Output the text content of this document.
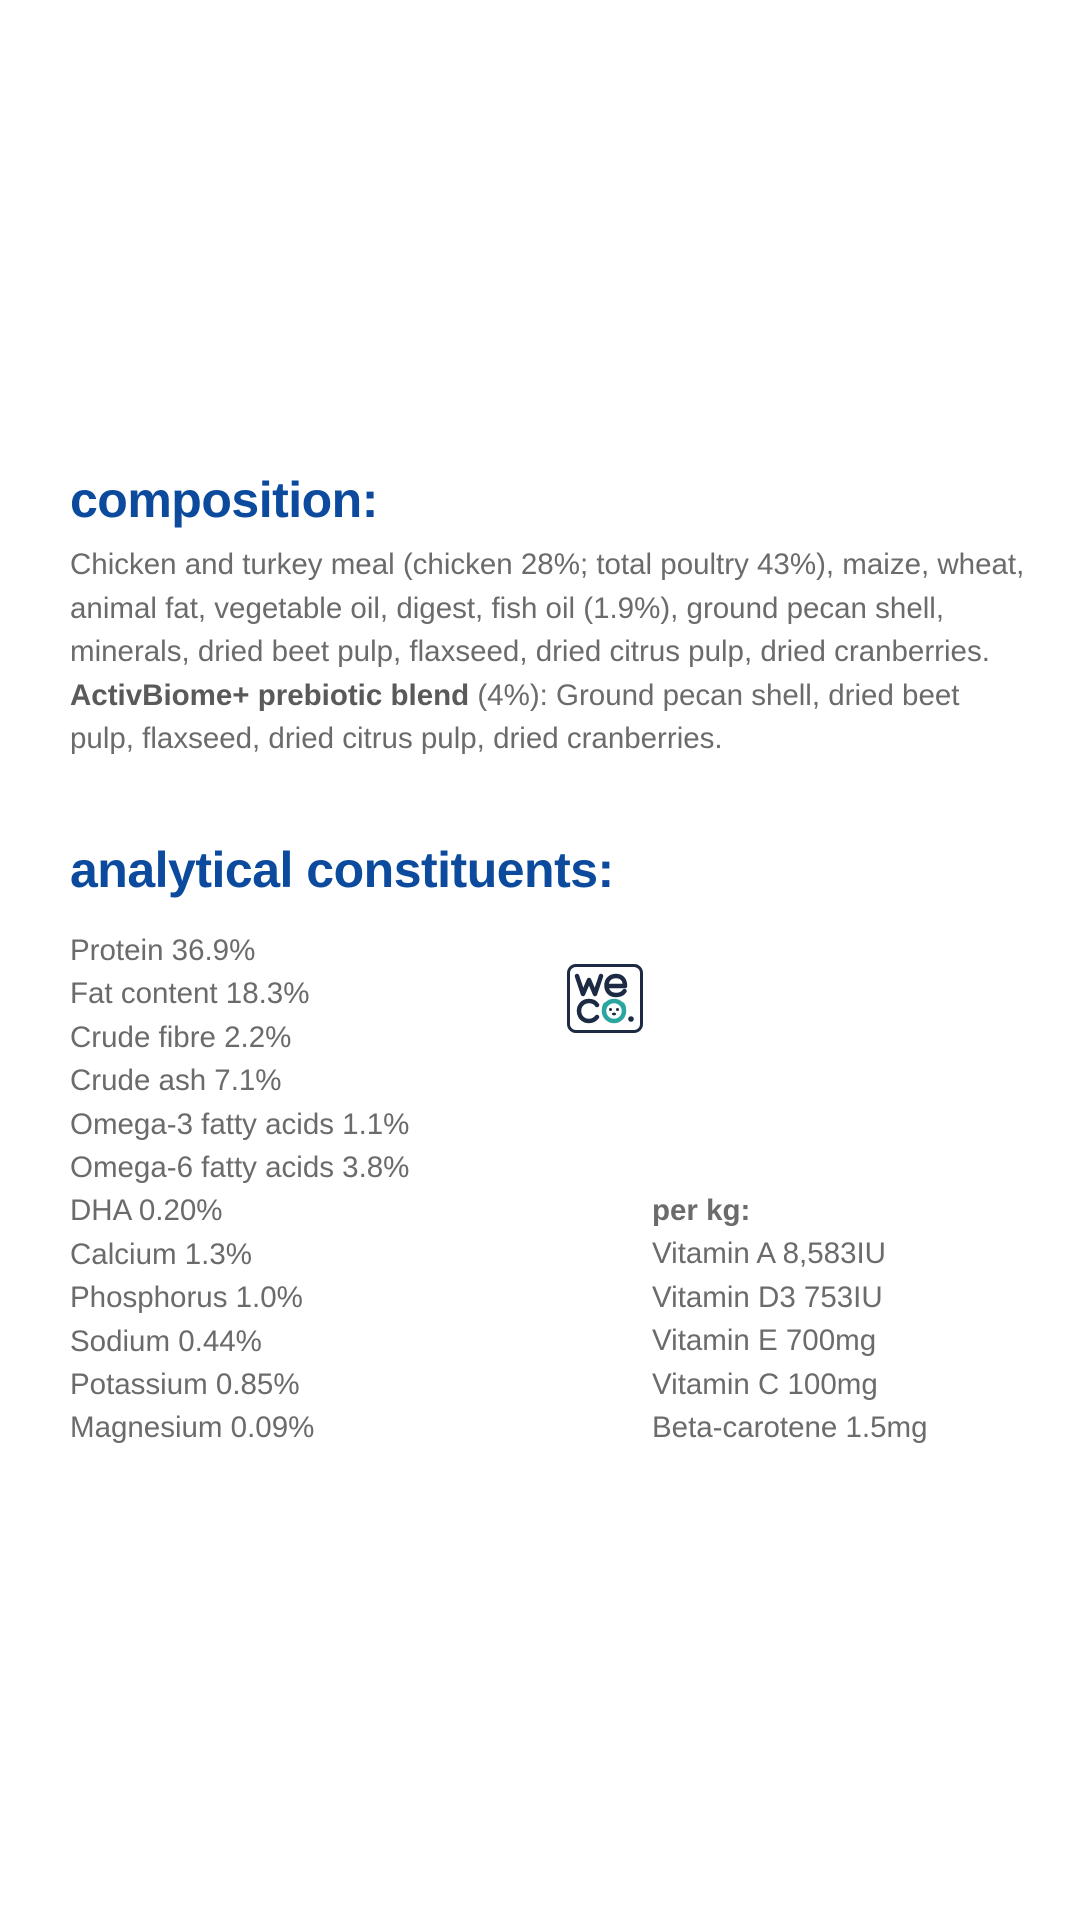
composition:

Chicken and turkey meal (chicken 28%; total poultry 43%), maize, wheat, animal fat, vegetable oil, digest, fish oil (1.9%), ground pecan shell, minerals, dried beet pulp, flaxseed, dried citrus pulp, dried cranberries. ActivBiome+ prebiotic blend (4%): Ground pecan shell, dried beet pulp, flaxseed, dried citrus pulp, dried cranberries.

analytical constituents:
Protein 36.9%
Fat content 18.3%
Crude fibre 2.2%
Crude ash 7.1%
Omega-3 fatty acids 1.1%
Omega-6 fatty acids 3.8%
DHA 0.20%
Calcium 1.3%
Phosphorus 1.0%
Sodium 0.44%
Potassium 0.85%
Magnesium 0.09%
per kg:
Vitamin A 8,583IU
Vitamin D3 753IU
Vitamin E 700mg
Vitamin C 100mg
Beta-carotene 1.5mg
